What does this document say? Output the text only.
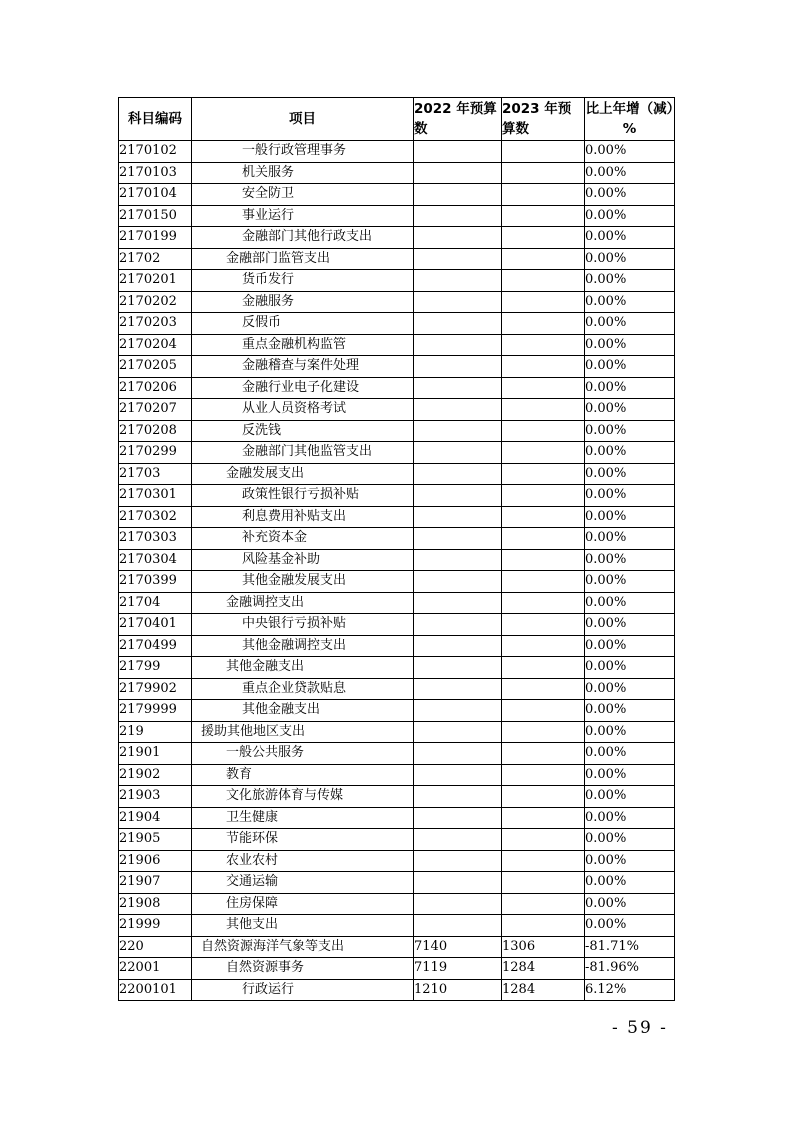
科目编码	项目	2022 年预算数	2023 年预算数	比上年增（减）%
2170102	一般行政管理事务			0.00%
2170103	机关服务			0.00%
2170104	安全防卫			0.00%
2170150	事业运行			0.00%
2170199	金融部门其他行政支出			0.00%
21702	金融部门监管支出			0.00%
2170201	货币发行			0.00%
2170202	金融服务			0.00%
2170203	反假币			0.00%
2170204	重点金融机构监管			0.00%
2170205	金融稽查与案件处理			0.00%
2170206	金融行业电子化建设			0.00%
2170207	从业人员资格考试			0.00%
2170208	反洗钱			0.00%
2170299	金融部门其他监管支出			0.00%
21703	金融发展支出			0.00%
2170301	政策性银行亏损补贴			0.00%
2170302	利息费用补贴支出			0.00%
2170303	补充资本金			0.00%
2170304	风险基金补助			0.00%
2170399	其他金融发展支出			0.00%
21704	金融调控支出			0.00%
2170401	中央银行亏损补贴			0.00%
2170499	其他金融调控支出			0.00%
21799	其他金融支出			0.00%
2179902	重点企业贷款贴息			0.00%
2179999	其他金融支出			0.00%
219	援助其他地区支出			0.00%
21901	一般公共服务			0.00%
21902	教育			0.00%
21903	文化旅游体育与传媒			0.00%
21904	卫生健康			0.00%
21905	节能环保			0.00%
21906	农业农村			0.00%
21907	交通运输			0.00%
21908	住房保障			0.00%
21999	其他支出			0.00%
220	自然资源海洋气象等支出	7140	1306	-81.71%
22001	自然资源事务	7119	1284	-81.96%
2200101	行政运行	1210	1284	6.12%
- 59 -
